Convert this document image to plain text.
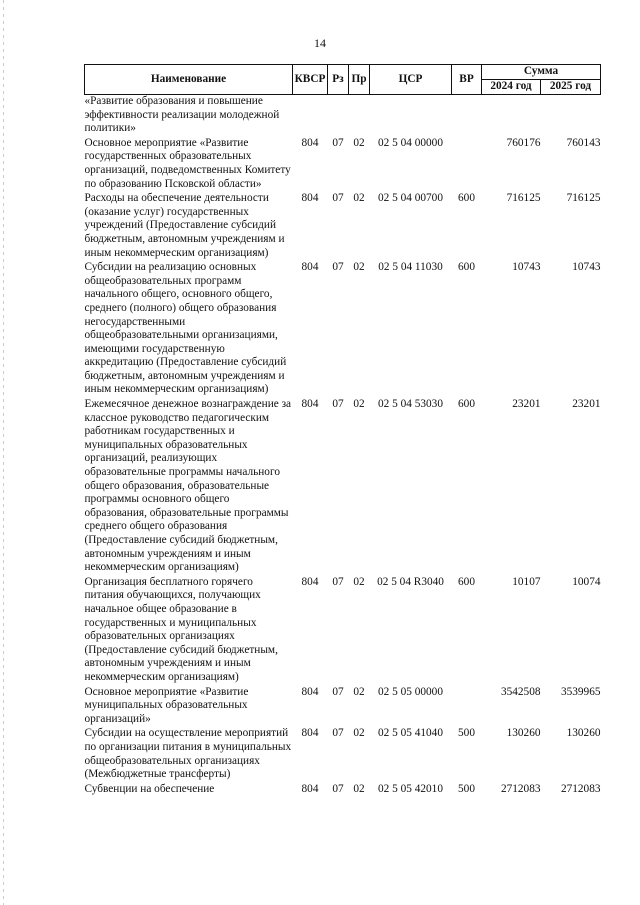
14
Наименование	КВСР	Рз	Пр	ЦСР	ВР	Сумма	
						2024 год	2025 год
«Развитие образования и повышение эффективности реализации молодежной политики»							
Основное мероприятие «Развитие государственных образовательных организаций, подведомственных Комитету по образованию Псковской области»	804	07	02	02 5 04 00000		760176	760143
Расходы на обеспечение деятельности (оказание услуг) государственных учреждений (Предоставление субсидий бюджетным, автономным учреждениям и иным некоммерческим организациям)	804	07	02	02 5 04 00700	600	716125	716125
Субсидии на реализацию основных общеобразовательных программ начального общего, основного общего, среднего (полного) общего образования негосударственными общеобразовательными организациями, имеющими государственную аккредитацию (Предоставление субсидий бюджетным, автономным учреждениям и иным некоммерческим организациям)	804	07	02	02 5 04 11030	600	10743	10743
Ежемесячное денежное вознаграждение за классное руководство педагогическим работникам государственных и муниципальных образовательных организаций, реализующих образовательные программы начального общего образования, образовательные программы основного общего образования, образовательные программы среднего общего образования (Предоставление субсидий бюджетным, автономным учреждениям и иным некоммерческим организациям)	804	07	02	02 5 04 53030	600	23201	23201
Организация бесплатного горячего питания обучающихся, получающих начальное общее образование в государственных и муниципальных образовательных организациях (Предоставление субсидий бюджетным, автономным учреждениям и иным некоммерческим организациям)	804	07	02	02 5 04 R3040	600	10107	10074
Основное мероприятие «Развитие муниципальных образовательных организаций»	804	07	02	02 5 05 00000		3542508	3539965
Субсидии на осуществление мероприятий по организации питания в муниципальных общеобразовательных организациях (Межбюджетные трансферты)	804	07	02	02 5 05 41040	500	130260	130260
Субвенции на обеспечение	804	07	02	02 5 05 42010	500	2712083	2712083
